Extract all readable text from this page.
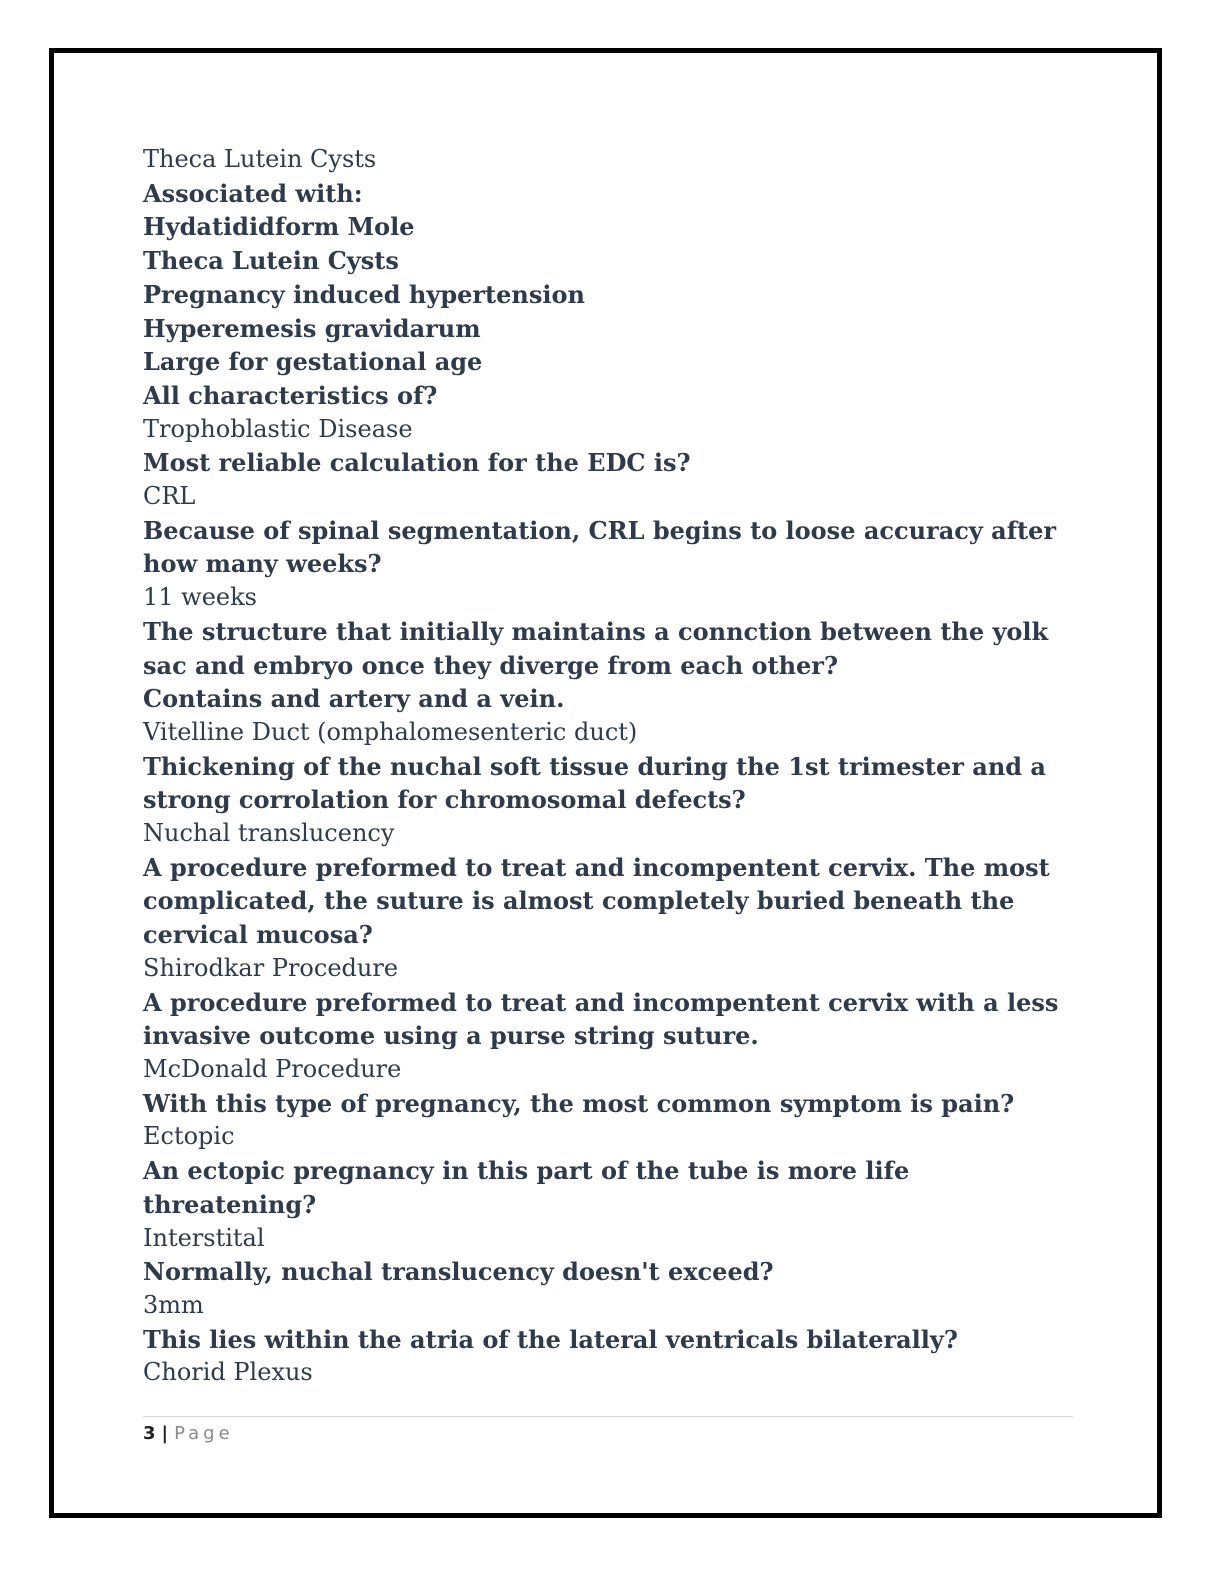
Theca Lutein Cysts

Associated with:

Hydatididform Mole

Theca Lutein Cysts

Pregnancy induced hypertension

Hyperemesis gravidarum

Large for gestational age

All characteristics of?

Trophoblastic Disease

Most reliable calculation for the EDC is?

CRL

Because of spinal segmentation, CRL begins to loose accuracy after how many weeks?

11 weeks

The structure that initially maintains a connction between the yolk sac and embryo once they diverge from each other?

Contains and artery and a vein.

Vitelline Duct (omphalomesenteric duct)

Thickening of the nuchal soft tissue during the 1st trimester and a strong corrolation for chromosomal defects?

Nuchal translucency

A procedure preformed to treat and incompentent cervix. The most complicated, the suture is almost completely buried beneath the cervical mucosa?

Shirodkar Procedure

A procedure preformed to treat and incompentent cervix with a less invasive outcome using a purse string suture.

McDonald Procedure

With this type of pregnancy, the most common symptom is pain?

Ectopic

An ectopic pregnancy in this part of the tube is more life threatening?

Interstital

Normally, nuchal translucency doesn't exceed?

3mm

This lies within the atria of the lateral ventricals bilaterally?

Chorid Plexus

3 | Page
